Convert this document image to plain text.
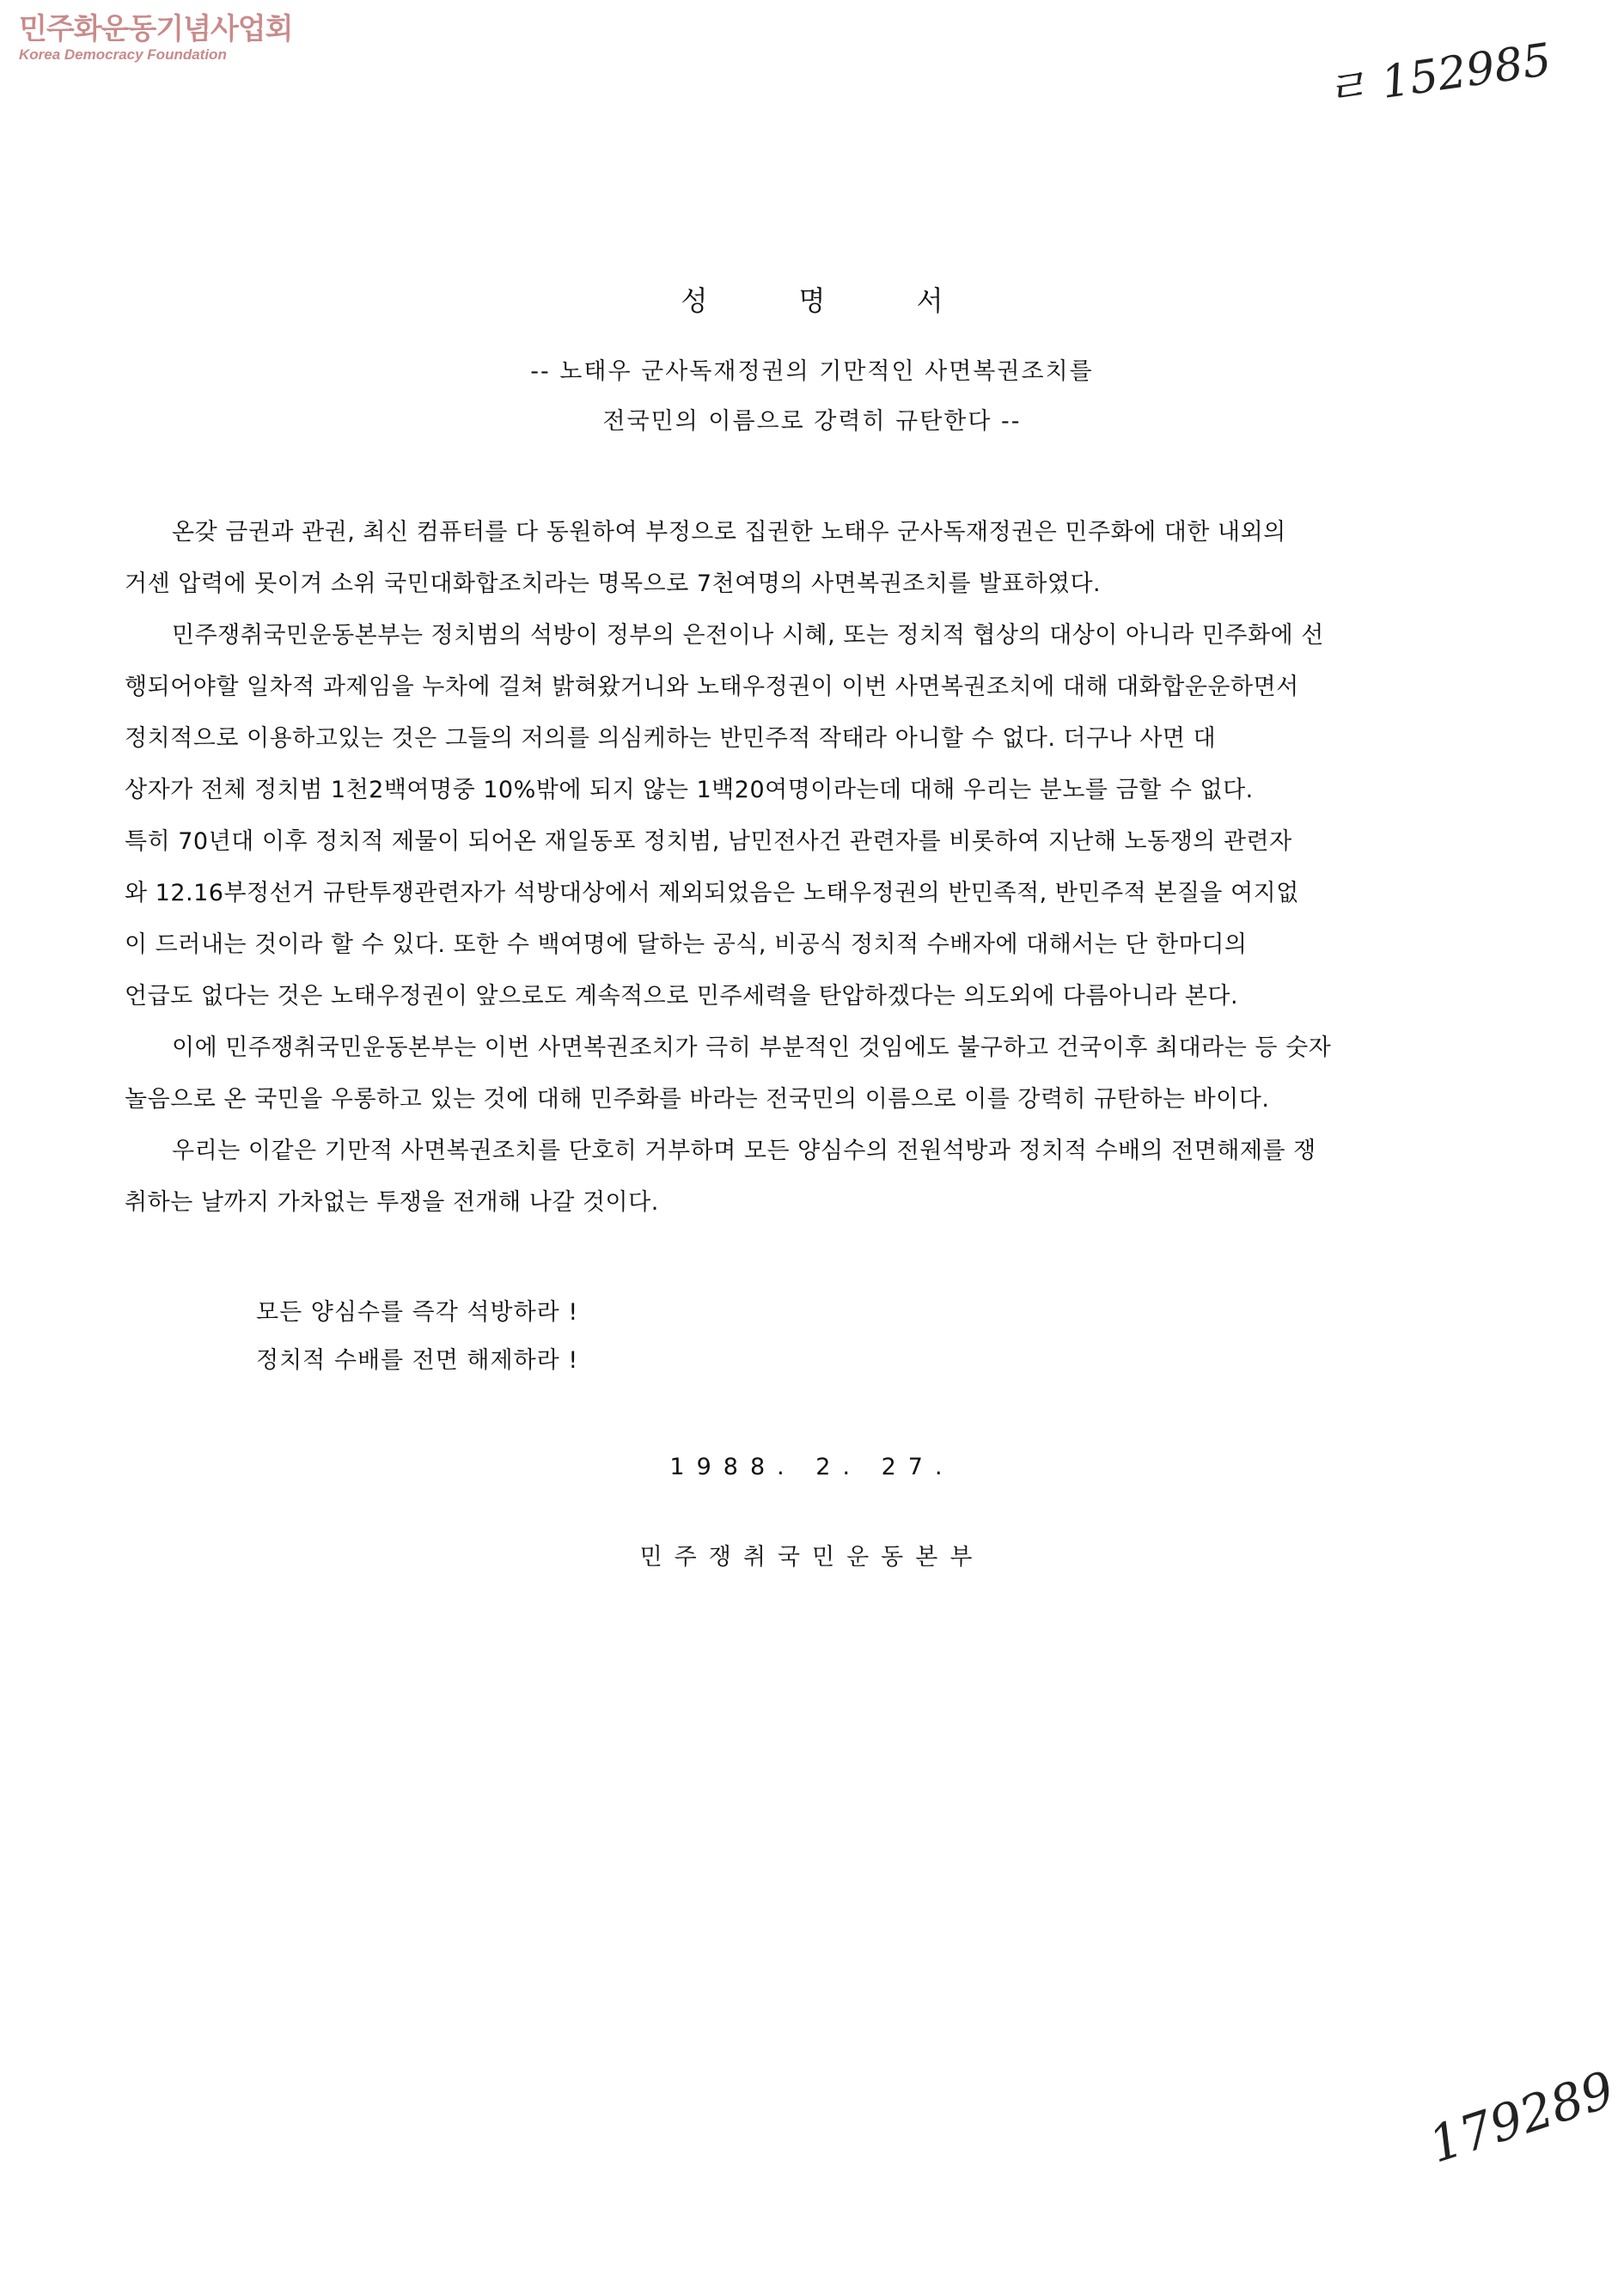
민주화운동기념사업회
Korea Democracy Foundation	ㄹ 152985
성 명 서
-- 노태우 군사독재정권의 기만적인 사면복권조치를
전국민의 이름으로 강력히 규탄한다 --
온갖 금권과 관권, 최신 컴퓨터를 다 동원하여 부정으로 집권한 노태우 군사독재정권은 민주화에 대한 내외의
거센 압력에 못이겨 소위 국민대화합조치라는 명목으로 7천여명의 사면복권조치를 발표하였다.
민주쟁취국민운동본부는 정치범의 석방이 정부의 은전이나 시혜, 또는 정치적 협상의 대상이 아니라 민주화에 선
행되어야할 일차적 과제임을 누차에 걸쳐 밝혀왔거니와 노태우정권이 이번 사면복권조치에 대해 대화합운운하면서
정치적으로 이용하고있는 것은 그들의 저의를 의심케하는 반민주적 작태라 아니할 수 없다. 더구나 사면 대
상자가 전체 정치범 1천2백여명중 10%밖에 되지 않는 1백20여명이라는데 대해 우리는 분노를 금할 수 없다.
특히 70년대 이후 정치적 제물이 되어온 재일동포 정치범, 남민전사건 관련자를 비롯하여 지난해 노동쟁의 관련자
와 12.16부정선거 규탄투쟁관련자가 석방대상에서 제외되었음은 노태우정권의 반민족적, 반민주적 본질을 여지없
이 드러내는 것이라 할 수 있다. 또한 수 백여명에 달하는 공식, 비공식 정치적 수배자에 대해서는 단 한마디의
언급도 없다는 것은 노태우정권이 앞으로도 계속적으로 민주세력을 탄압하겠다는 의도외에 다름아니라 본다.
이에 민주쟁취국민운동본부는 이번 사면복권조치가 극히 부분적인 것임에도 불구하고 건국이후 최대라는 등 숫자
놀음으로 온 국민을 우롱하고 있는 것에 대해 민주화를 바라는 전국민의 이름으로 이를 강력히 규탄하는 바이다.
우리는 이같은 기만적 사면복권조치를 단호히 거부하며 모든 양심수의 전원석방과 정치적 수배의 전면해제를 쟁
취하는 날까지 가차없는 투쟁을 전개해 나갈 것이다.
모든 양심수를 즉각 석방하라 !
정치적 수배를 전면 해제하라 !
1988. 2. 27.
민주쟁취국민운동본부
179289
